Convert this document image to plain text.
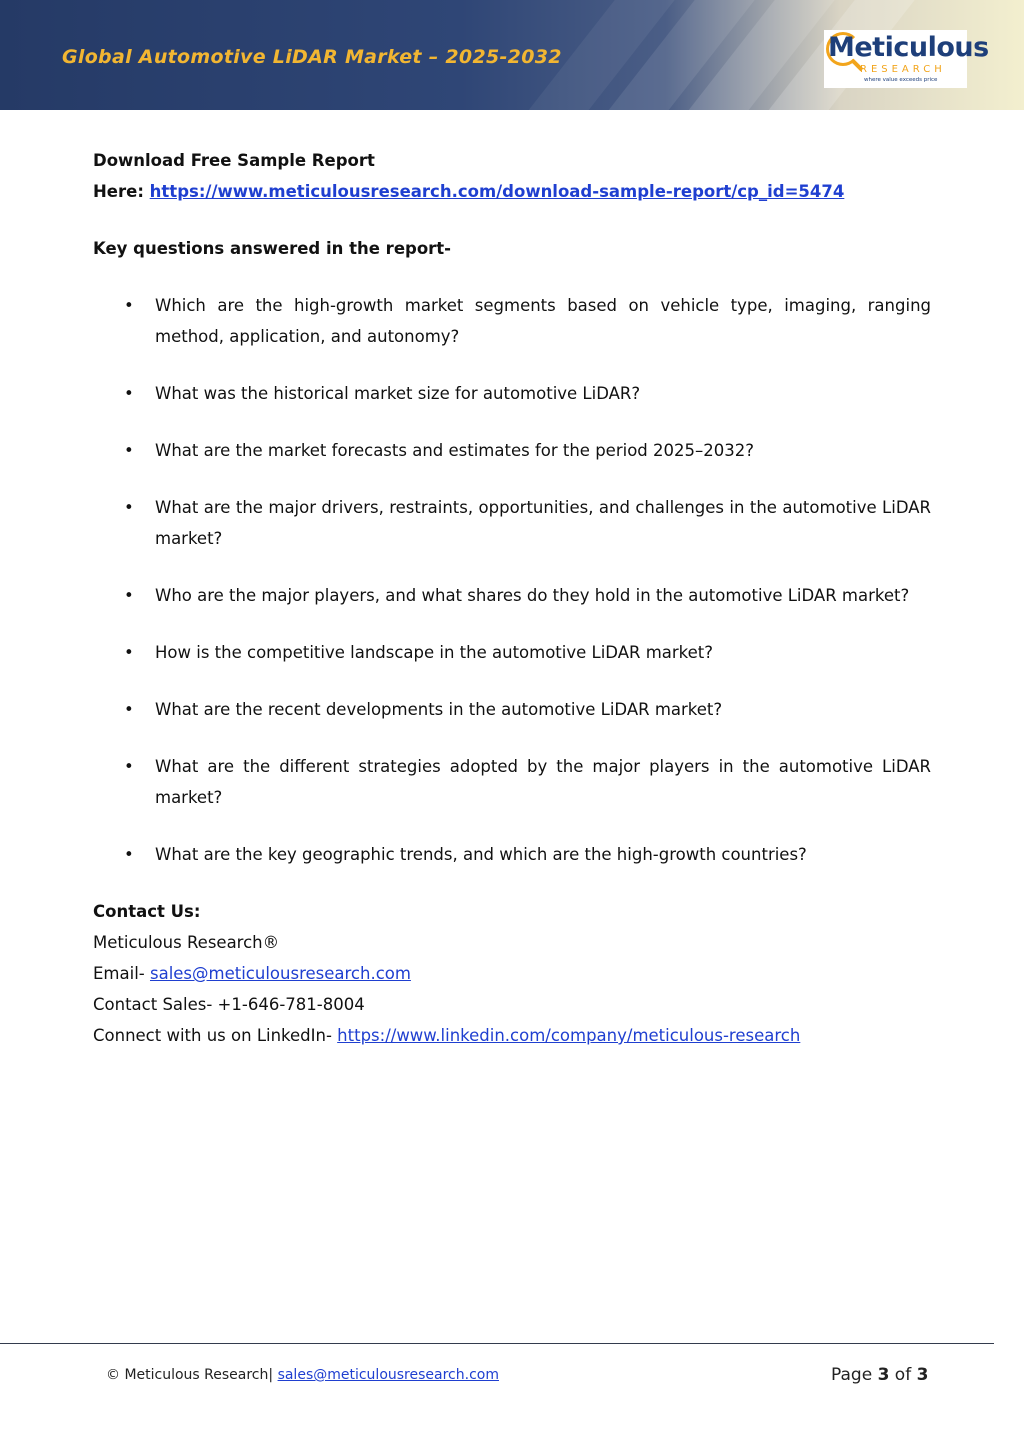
Global Automotive LiDAR Market – 2025-2032	Meticulous
RESEARCH
where value exceeds price
Download Free Sample Report
Here: https://www.meticulousresearch.com/download-sample-report/cp_id=5474
Key questions answered in the report-
• Which are the high-growth market segments based on vehicle type, imaging, ranging method, application, and autonomy?
• What was the historical market size for automotive LiDAR?
• What are the market forecasts and estimates for the period 2025–2032?
• What are the major drivers, restraints, opportunities, and challenges in the automotive LiDAR market?
• Who are the major players, and what shares do they hold in the automotive LiDAR market?
• How is the competitive landscape in the automotive LiDAR market?
• What are the recent developments in the automotive LiDAR market?
• What are the different strategies adopted by the major players in the automotive LiDAR market?
• What are the key geographic trends, and which are the high-growth countries?
Contact Us:
Meticulous Research®
Email- sales@meticulousresearch.com
Contact Sales- +1-646-781-8004
Connect with us on LinkedIn- https://www.linkedin.com/company/meticulous-research
© Meticulous Research| sales@meticulousresearch.com	Page 3 of 3
